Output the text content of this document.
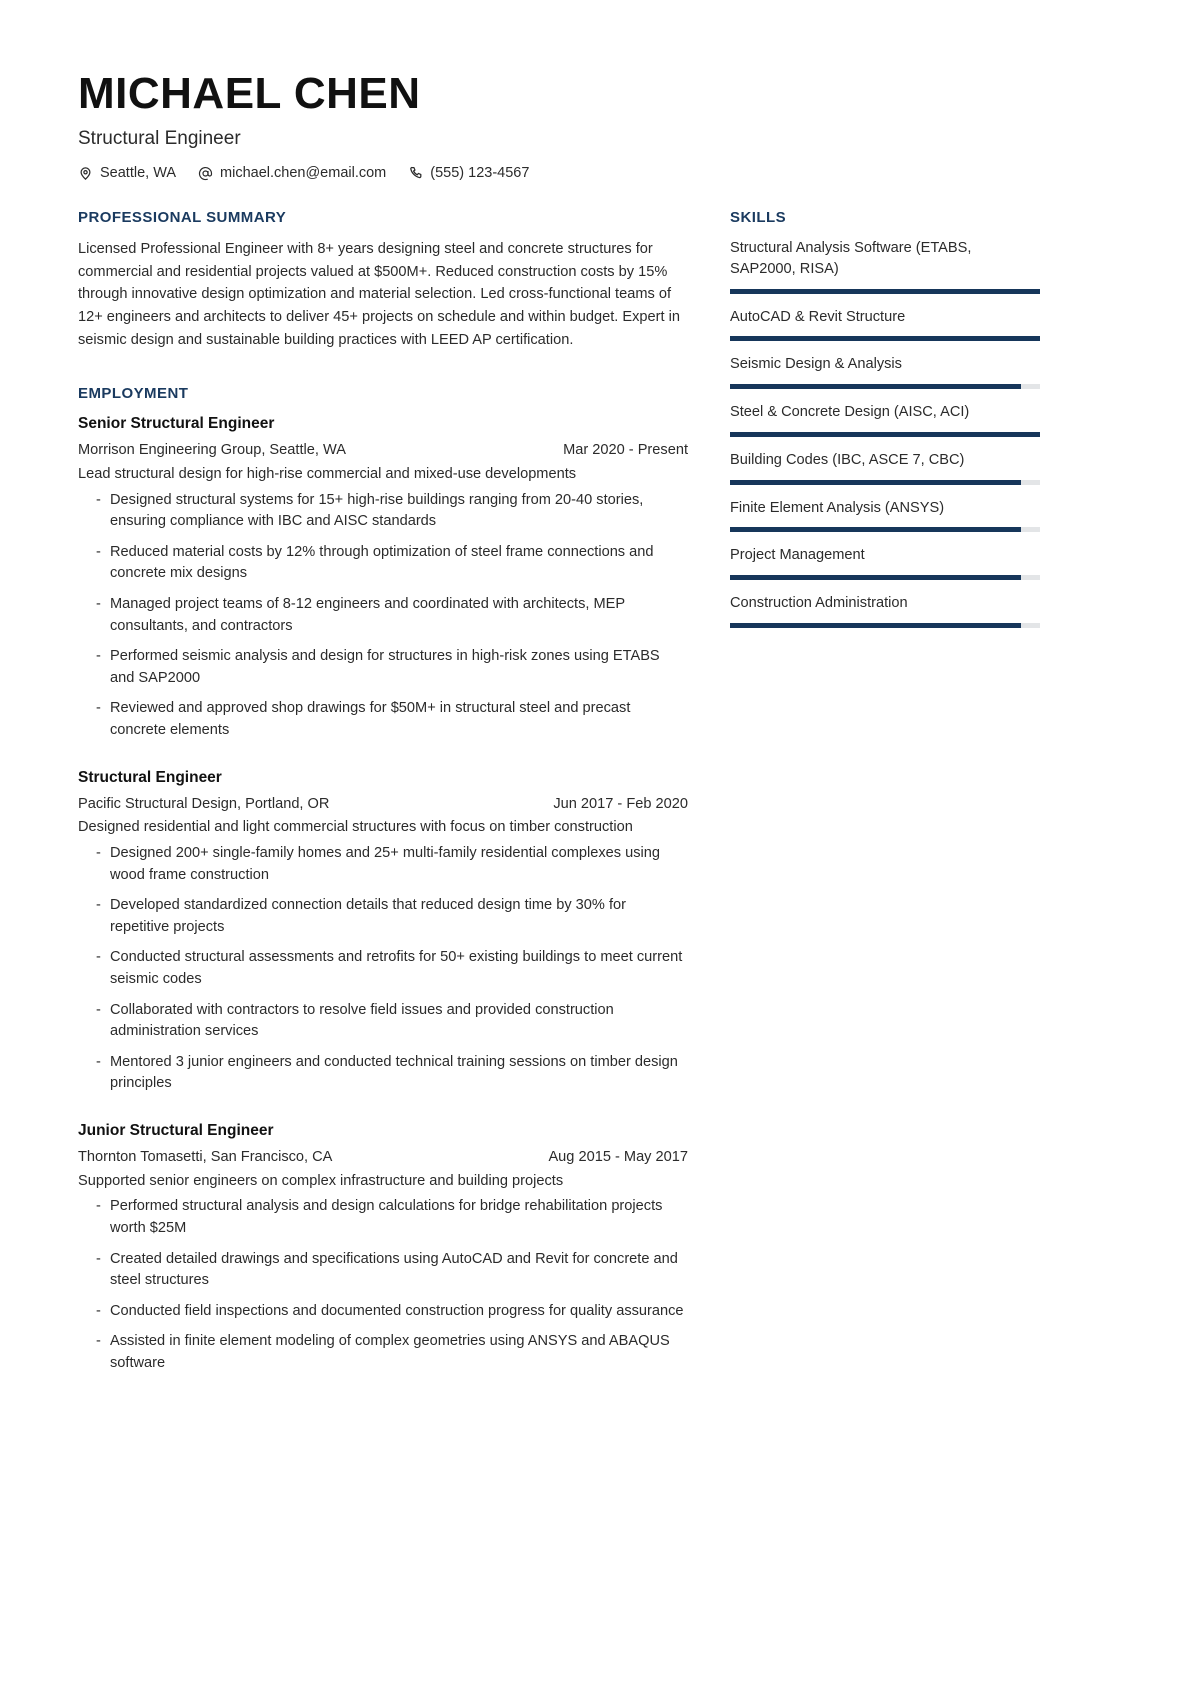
MICHAEL CHEN
Structural Engineer
Seattle, WA	michael.chen@email.com	(555) 123-4567
PROFESSIONAL SUMMARY

Licensed Professional Engineer with 8+ years designing steel and concrete structures for commercial and residential projects valued at $500M+. Reduced construction costs by 15% through innovative design optimization and material selection. Led cross-functional teams of 12+ engineers and architects to deliver 45+ projects on schedule and within budget. Expert in seismic design and sustainable building practices with LEED AP certification.

EMPLOYMENT
Senior Structural Engineer
Morrison Engineering Group, Seattle, WA	Mar 2020 - Present
Lead structural design for high-rise commercial and mixed-use developments
- Designed structural systems for 15+ high-rise buildings ranging from 20-40 stories, ensuring compliance with IBC and AISC standards
- Reduced material costs by 12% through optimization of steel frame connections and concrete mix designs
- Managed project teams of 8-12 engineers and coordinated with architects, MEP consultants, and contractors
- Performed seismic analysis and design for structures in high-risk zones using ETABS and SAP2000
- Reviewed and approved shop drawings for $50M+ in structural steel and precast concrete elements
Structural Engineer
Pacific Structural Design, Portland, OR	Jun 2017 - Feb 2020
Designed residential and light commercial structures with focus on timber construction
- Designed 200+ single-family homes and 25+ multi-family residential complexes using wood frame construction
- Developed standardized connection details that reduced design time by 30% for repetitive projects
- Conducted structural assessments and retrofits for 50+ existing buildings to meet current seismic codes
- Collaborated with contractors to resolve field issues and provided construction administration services
- Mentored 3 junior engineers and conducted technical training sessions on timber design principles
Junior Structural Engineer
Thornton Tomasetti, San Francisco, CA	Aug 2015 - May 2017
Supported senior engineers on complex infrastructure and building projects
- Performed structural analysis and design calculations for bridge rehabilitation projects worth $25M
- Created detailed drawings and specifications using AutoCAD and Revit for concrete and steel structures
- Conducted field inspections and documented construction progress for quality assurance
- Assisted in finite element modeling of complex geometries using ANSYS and ABAQUS software
SKILLS
Structural Analysis Software (ETABS, SAP2000, RISA)
AutoCAD & Revit Structure
Seismic Design & Analysis
Steel & Concrete Design (AISC, ACI)
Building Codes (IBC, ASCE 7, CBC)
Finite Element Analysis (ANSYS)
Project Management
Construction Administration
